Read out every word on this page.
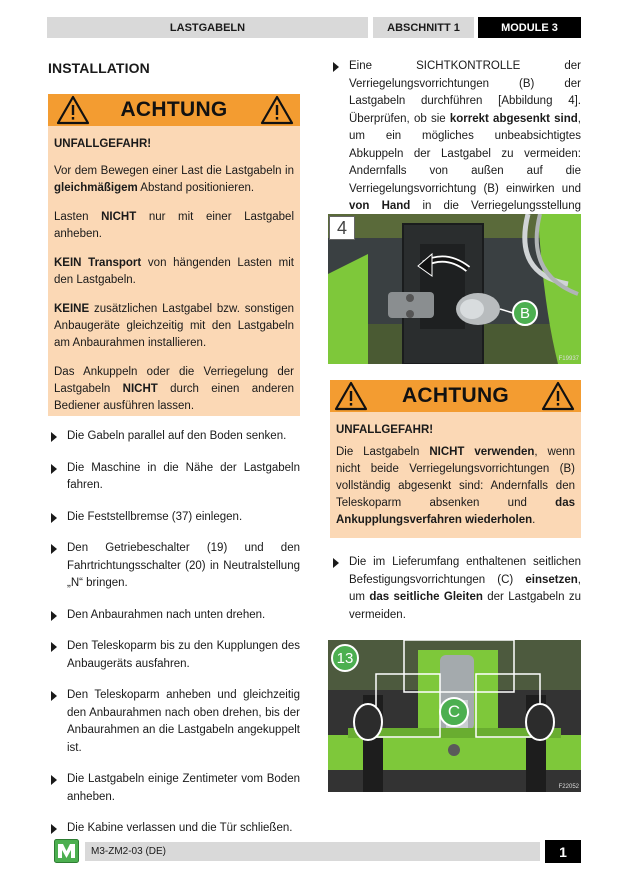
LASTGABELN	ABSCHNITT 1	MODULE 3
INSTALLATION
ACHTUNG

UNFALLGEFAHR!

Vor dem Bewegen einer Last die Lastgabeln in gleichmäßigem Abstand positionieren.

Lasten NICHT nur mit einer Lastgabel anheben.

KEIN Transport von hängenden Lasten mit den Lastgabeln.

KEINE zusätzlichen Lastgabel bzw. sonstigen Anbaugeräte gleichzeitig mit den Lastgabeln am Anbaurahmen installieren.

Das Ankuppeln oder die Verriegelung der Lastgabeln NICHT durch einen anderen Bediener ausführen lassen.

Die Gabeln parallel auf den Boden senken.
Die Maschine in die Nähe der Lastgabeln fahren.
Die Feststellbremse (37) einlegen.
Den Getriebeschalter (19) und den Fahrtrichtungsschalter (20) in Neutralstellung „N“ bringen.
Den Anbaurahmen nach unten drehen.
Den Teleskoparm bis zu den Kupplungen des Anbaugeräts ausfahren.
Den Teleskoparm anheben und gleichzeitig den Anbaurahmen nach oben drehen, bis der Anbaurahmen an die Lastgabeln angekuppelt ist.
Die Lastgabeln einige Zentimeter vom Boden anheben.
Die Kabine verlassen und die Tür schließen.
Eine SICHTKONTROLLE der Verriegelungsvorrichtungen (B) der Lastgabeln durchführen [Abbildung 4]. Überprüfen, ob sie korrekt abgesenkt sind, um ein mögliches unbeabsichtigtes Abkuppeln der Lastgabel zu vermeiden: Andernfalls von außen auf die Verriegelungsvorrichtung (B) einwirken und von Hand in die Verriegelungsstellung
4
B
F19937
ACHTUNG

UNFALLGEFAHR!

Die Lastgabeln NICHT verwenden, wenn nicht beide Verriegelungsvorrichtungen (B) vollständig abgesenkt sind: Andernfalls den Teleskoparm absenken und das Ankupplungsverfahren wiederholen.

Die im Lieferumfang enthaltenen seitlichen Befestigungsvorrichtungen (C) einsetzen, um das seitliche Gleiten der Lastgabeln zu vermeiden.
13
C
F22052
M3-ZM2-03 (DE)	1
